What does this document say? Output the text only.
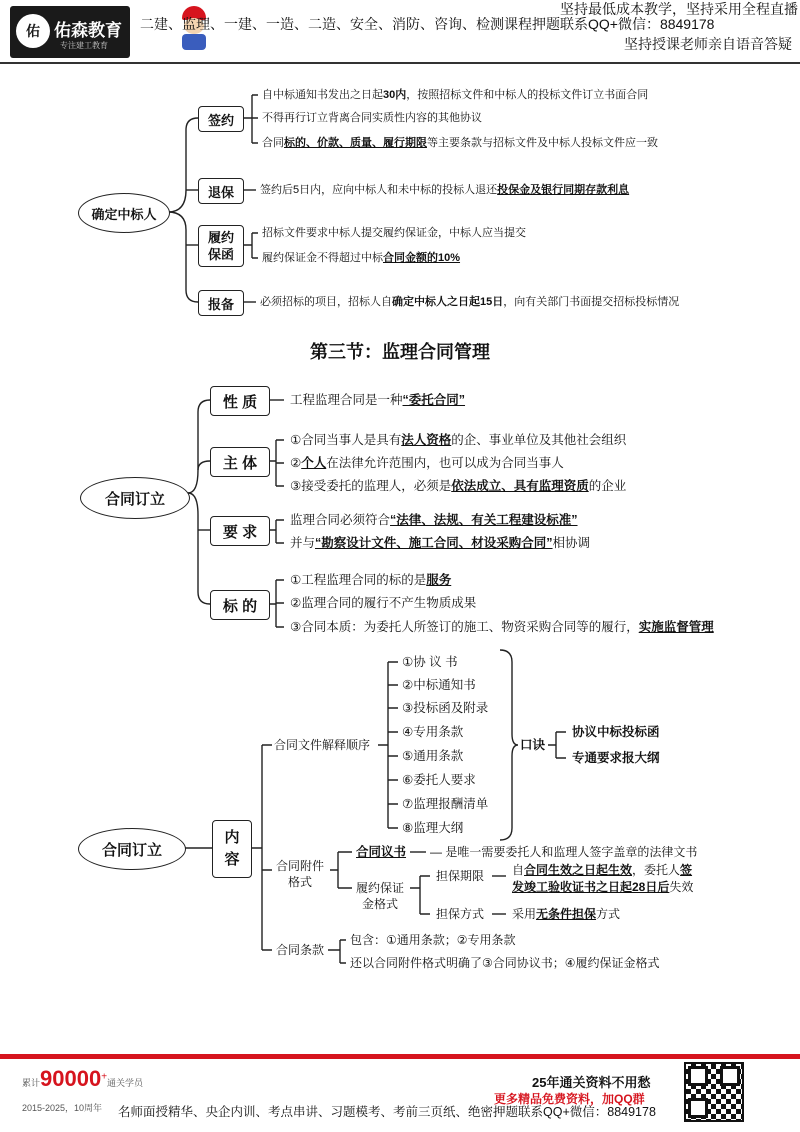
佑 佑森教育
专注建工教育
二建、监理、一建、一造、二造、安全、消防、咨询、检测课程押题联系QQ+微信：8849178
坚持最低成本教学，坚持采用全程直播
坚持授课老师亲自语音答疑
确定中标人
签约
自中标通知书发出之日起30内，按照招标文件和中标人的投标文件订立书面合同
不得再行订立背离合同实质性内容的其他协议
合同标的、价款、质量、履行期限等主要条款与招标文件及中标人投标文件应一致
退保	签约后5日内，应向中标人和未中标的投标人退还投保金及银行同期存款利息
履约
保函
招标文件要求中标人提交履约保证金，中标人应当提交
履约保证金不得超过中标合同金额的10%
报备	必须招标的项目，招标人自确定中标人之日起15日，向有关部门书面提交招标投标情况
第三节：监理合同管理
合同订立
性 质	工程监理合同是一种“委托合同”
主 体
①合同当事人是具有法人资格的企、事业单位及其他社会组织
②个人在法律允许范围内，也可以成为合同当事人
③接受委托的监理人，必须是依法成立、具有监理资质的企业
要 求
监理合同必须符合“法律、法规、有关工程建设标准”
并与“勘察设计文件、施工合同、材设采购合同”相协调
标 的
①工程监理合同的标的是服务
②监理合同的履行不产生物质成果
③合同本质：为委托人所签订的施工、物资采购合同等的履行，实施监督管理
合同订立
内
容
合同文件解释顺序
①协 议 书
②中标通知书
③投标函及附录
④专用条款
⑤通用条款
⑥委托人要求
⑦监理报酬清单
⑧监理大纲
口诀
协议中标投标函
专通要求报大纲
合同附件
格式
合同议书 — 是唯一需要委托人和监理人签字盖章的法律文书
履约保证
金格式
担保期限 自合同生效之日起生效，委托人签
发竣工验收证书之日起28日后失效
担保方式 采用无条件担保方式
合同条款
包含：①通用条款；②专用条款
还以合同附件格式明确了③合同协议书；④履约保证金格式
累计90000+通关学员
2015-2025，10周年
25年通关资料不用愁
更多精品免费资料，加QQ群
名师面授精华、央企内训、考点串讲、习题模考、考前三页纸、绝密押题联系QQ+微信：8849178
